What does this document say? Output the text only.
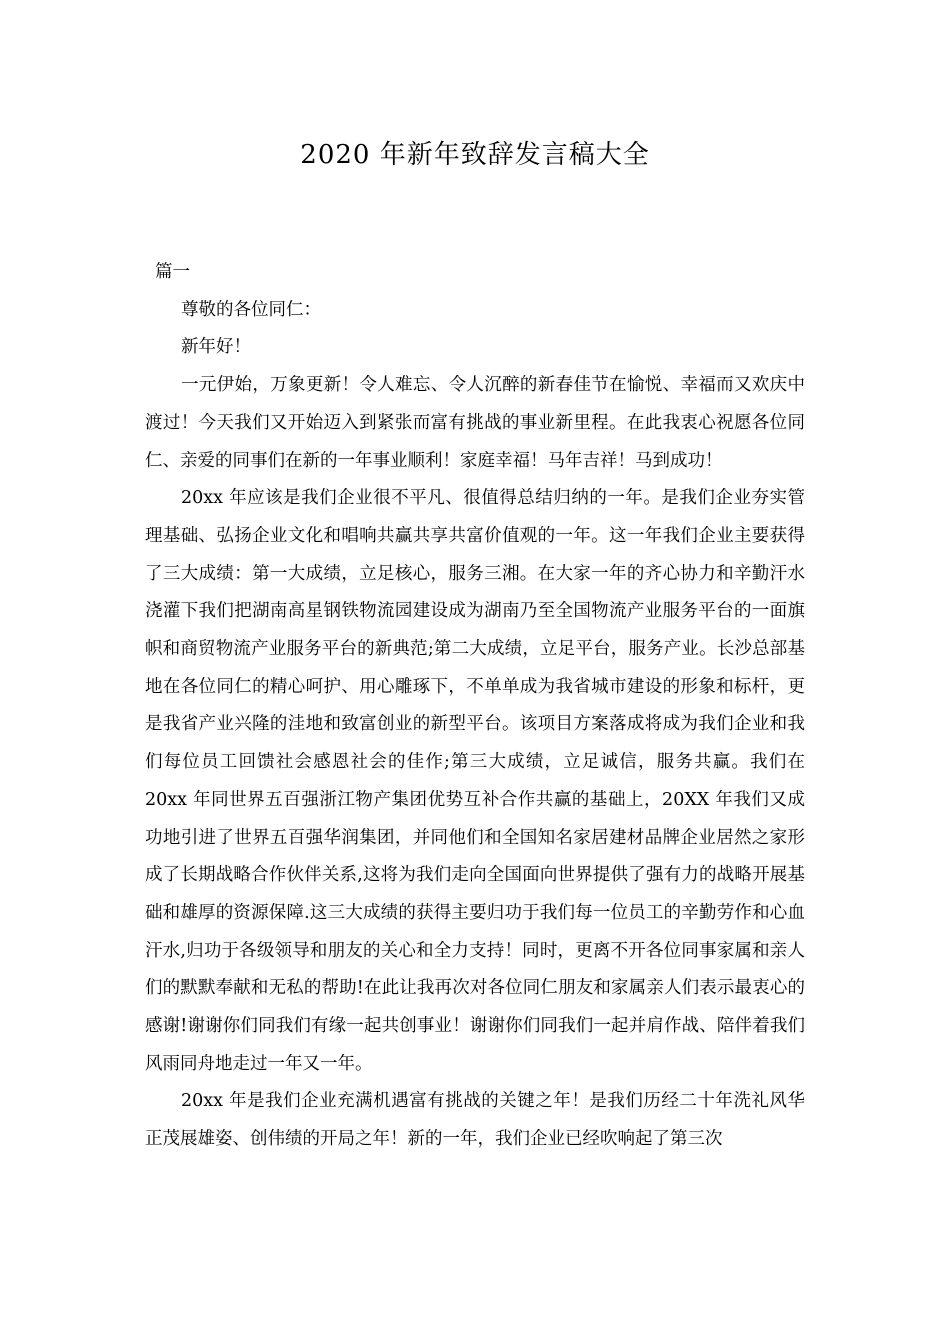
2020 年新年致辞发言稿大全

篇一

尊敬的各位同仁：

新年好！

一元伊始，万象更新！令人难忘、令人沉醉的新春佳节在愉悦、幸福而又欢庆中渡过！今天我们又开始迈入到紧张而富有挑战的事业新里程。在此我衷心祝愿各位同仁、亲爱的同事们在新的一年事业顺利！家庭幸福！马年吉祥！马到成功！

20xx 年应该是我们企业很不平凡、很值得总结归纳的一年。是我们企业夯实管理基础、弘扬企业文化和唱响共赢共享共富价值观的一年。这一年我们企业主要获得了三大成绩：第一大成绩，立足核心，服务三湘。在大家一年的齐心协力和辛勤汗水浇灌下我们把湖南高星钢铁物流园建设成为湖南乃至全国物流产业服务平台的一面旗帜和商贸物流产业服务平台的新典范;第二大成绩，立足平台，服务产业。长沙总部基地在各位同仁的精心呵护、用心雕琢下，不单单成为我省城市建设的形象和标杆，更是我省产业兴隆的洼地和致富创业的新型平台。该项目方案落成将成为我们企业和我们每位员工回馈社会感恩社会的佳作;第三大成绩，立足诚信，服务共赢。我们在 20xx 年同世界五百强浙江物产集团优势互补合作共赢的基础上，20XX 年我们又成功地引进了世界五百强华润集团，并同他们和全国知名家居建材品牌企业居然之家形成了长期战略合作伙伴关系,这将为我们走向全国面向世界提供了强有力的战略开展基础和雄厚的资源保障.这三大成绩的获得主要归功于我们每一位员工的辛勤劳作和心血汗水,归功于各级领导和朋友的关心和全力支持！同时，更离不开各位同事家属和亲人们的默默奉献和无私的帮助!在此让我再次对各位同仁朋友和家属亲人们表示最衷心的感谢!谢谢你们同我们有缘一起共创事业！谢谢你们同我们一起并肩作战、陪伴着我们风雨同舟地走过一年又一年。

20xx 年是我们企业充满机遇富有挑战的关键之年！是我们历经二十年洗礼风华正茂展雄姿、创伟绩的开局之年！新的一年，我们企业已经吹响起了第三次
